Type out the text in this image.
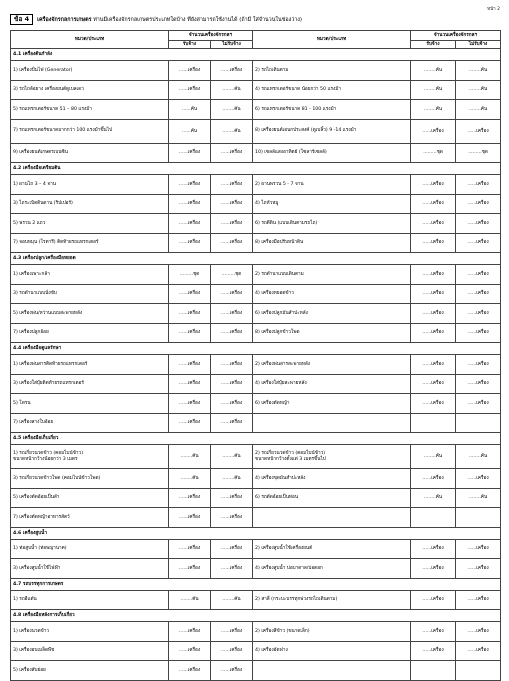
หน้า 2
ข้อ 4	เครื่องจักรกลการเกษตร ท่านมีเครื่องจักรกลเกษตรประเภทใดบ้าง ที่ยังสามารถใช้งานได้ (ถ้ามี ใส่จำนวนในช่องว่าง)
หมวด/ประเภท	จำนวนเครื่องจักรกลฯ		หมวด/ประเภท	จำนวนเครื่องจักรกลฯ	
	รับจ้าง	ไม่รับจ้าง		รับจ้าง	ไม่รับจ้าง
4.1 เครื่องต้นกำลัง					
1) เครื่องปั่นไฟ (Generator)	......เครื่อง	......เครื่อง	2) รถไถเดินตาม	........คัน	........คัน
3) รถไถล้อยาง เครื่องยนต์ดูเบลเดว	......เครื่อง	........คัน	4) รถแทรกเตอร์ขนาด น้อยกว่า 50 แรงม้า	........คัน	........คัน
5) รถแทรกเตอร์ขนาด 51 – 80 แรงม้า	......คัน	........คัน	6) รถแทรกเตอร์ขนาด 81 - 100 แรงม้า	........คัน	........คัน
7) รถแทรกเตอร์ขนาดมากกว่า 100 แรงม้าขึ้นไป	......คัน	........คัน	8) เครื่องยนต์เอนกประสงค์ (ดูเบลิ้ว) 9 -14 แรงม้า	......เครื่อง	......เครื่อง
9) เครื่องยนต์เกษตรเบนซิน	......เครื่อง	......เครื่อง	10) เซลล์แสงอาทิตย์ (โซลาร์เซลล์)	.........ชุด	.........ชุด
4.2 เครื่องมือเตรียมดิน					
1) ผานไถ 3 – 4 จาน	......เครื่อง	......เครื่อง	2) ผานพรวน 5 - 7 จาน	......เครื่อง	......เครื่อง
3) ไถระเบิดดินดาน (ริปเปอร์)	......เครื่อง	......เครื่อง	4) ไถหัวหมู	......เครื่อง	......เครื่อง
5) พรวน 2 แถว	......เครื่อง	......เครื่อง	6) รถตีดิน (แบบเดินตามรถไถ)	......เครื่อง	......เครื่อง
7) จอบหมุน (โรตารี) ติดท้ายรถแทรกเตอร์	......เครื่อง	......เครื่อง	8) เครื่องมือปรับหน้าดิน	......เครื่อง	......เครื่อง
4.3 เครื่องปลูก/เครื่องมือหยอด					
1) เครื่องเพาะกล้า	.........ชุด	.........ชุด	2) รถดำนาแบบเดินตาม	......เครื่อง	......เครื่อง
3) รถดำนาแบบนั่งขับ	......เครื่อง	......เครื่อง	4) เครื่องหยอดข้าว	......เครื่อง	......เครื่อง
5) เครื่องพ่น/หว่านแบบสะพายหลัง	......เครื่อง	......เครื่อง	6) เครื่องปลูกมันสำปะหลัง	......เครื่อง	......เครื่อง
7) เครื่องปลูกอ้อย	......เครื่อง	......เครื่อง	8) เครื่องปลูกข้าวโพด	......เครื่อง	......เครื่อง
4.4 เครื่องมือดูแลรักษา					
1) เครื่องพ่นสารติดท้ายรถแทรกเตอร์	......เครื่อง	......เครื่อง	2) เครื่องพ่นสารสะพายหลัง	......เครื่อง	......เครื่อง
3) เครื่องใส่ปุ๋ยติดท้ายรถแทรกเตอร์	......เครื่อง	......เครื่อง	4) เครื่องใส่ปุ๋ยสะพายหลัง	......เครื่อง	......เครื่อง
5) โดรน	......เครื่อง	......เครื่อง	6) เครื่องตัดหญ้า	......เครื่อง	......เครื่อง
7) เครื่องสางใบอ้อย	......เครื่อง	......เครื่อง			
4.5 เครื่องมือเก็บเกี่ยว					
1) รถเกี่ยวนวดข้าว (คอมไบน์ข้าว)
ขนาดหน้ากว้างน้อยกว่า 3 เมตร	........คัน	........คัน	2) รถเกี่ยวนวดข้าว (คอมไบน์ข้าว)
ขนาดหน้ากว้างตั้งแต่ 3 เมตรขึ้นไป	........คัน	........คัน
3) รถเกี่ยวนวดข้าวโพด (คอมไบน์ข้าวโพด)	........คัน	........คัน	4) เครื่องขุดมันสำปะหลัง	......เครื่อง	......เครื่อง
5) เครื่องตัดอ้อยเป็นลำ	......เครื่อง	......เครื่อง	6) รถตัดอ้อยเป็นท่อน	........คัน	........คัน
7) เครื่องตัดหญ้าอาหารสัตว์	......เครื่อง	......เครื่อง			
4.6 เครื่องสูบน้ำ					
1) ท่อสูบน้ำ (ท่อพญานาค)	......เครื่อง	......เครื่อง	2) เครื่องสูบน้ำใช้เครื่องยนต์	......เครื่อง	......เครื่อง
3) เครื่องสูบน้ำใช้ไฟฟ้า	......เครื่อง	......เครื่อง	4) เครื่องสูบน้ำ บ่อบาดาล/บ่อตอก	......เครื่อง	......เครื่อง
4.7 รถบรรทุกการเกษตร					
1) รถอีแต๋น	........คัน	........คัน	2) สาลี่ (กระบะบรรทุกพ่วงรถไถเดินตาม)	......เครื่อง	......เครื่อง
4.8 เครื่องมือหลังการเก็บเกี่ยว					
1) เครื่องนวดข้าว	......เครื่อง	......เครื่อง	2) เครื่องสีข้าว (ขนาดเล็ก)	......เครื่อง	......เครื่อง
3) เครื่องอบเมล็ดพืช	......เครื่อง	......เครื่อง	4) เครื่องอัดฟาง	......เครื่อง	......เครื่อง
5) เครื่องสับย่อย	......เครื่อง	......เครื่อง			
